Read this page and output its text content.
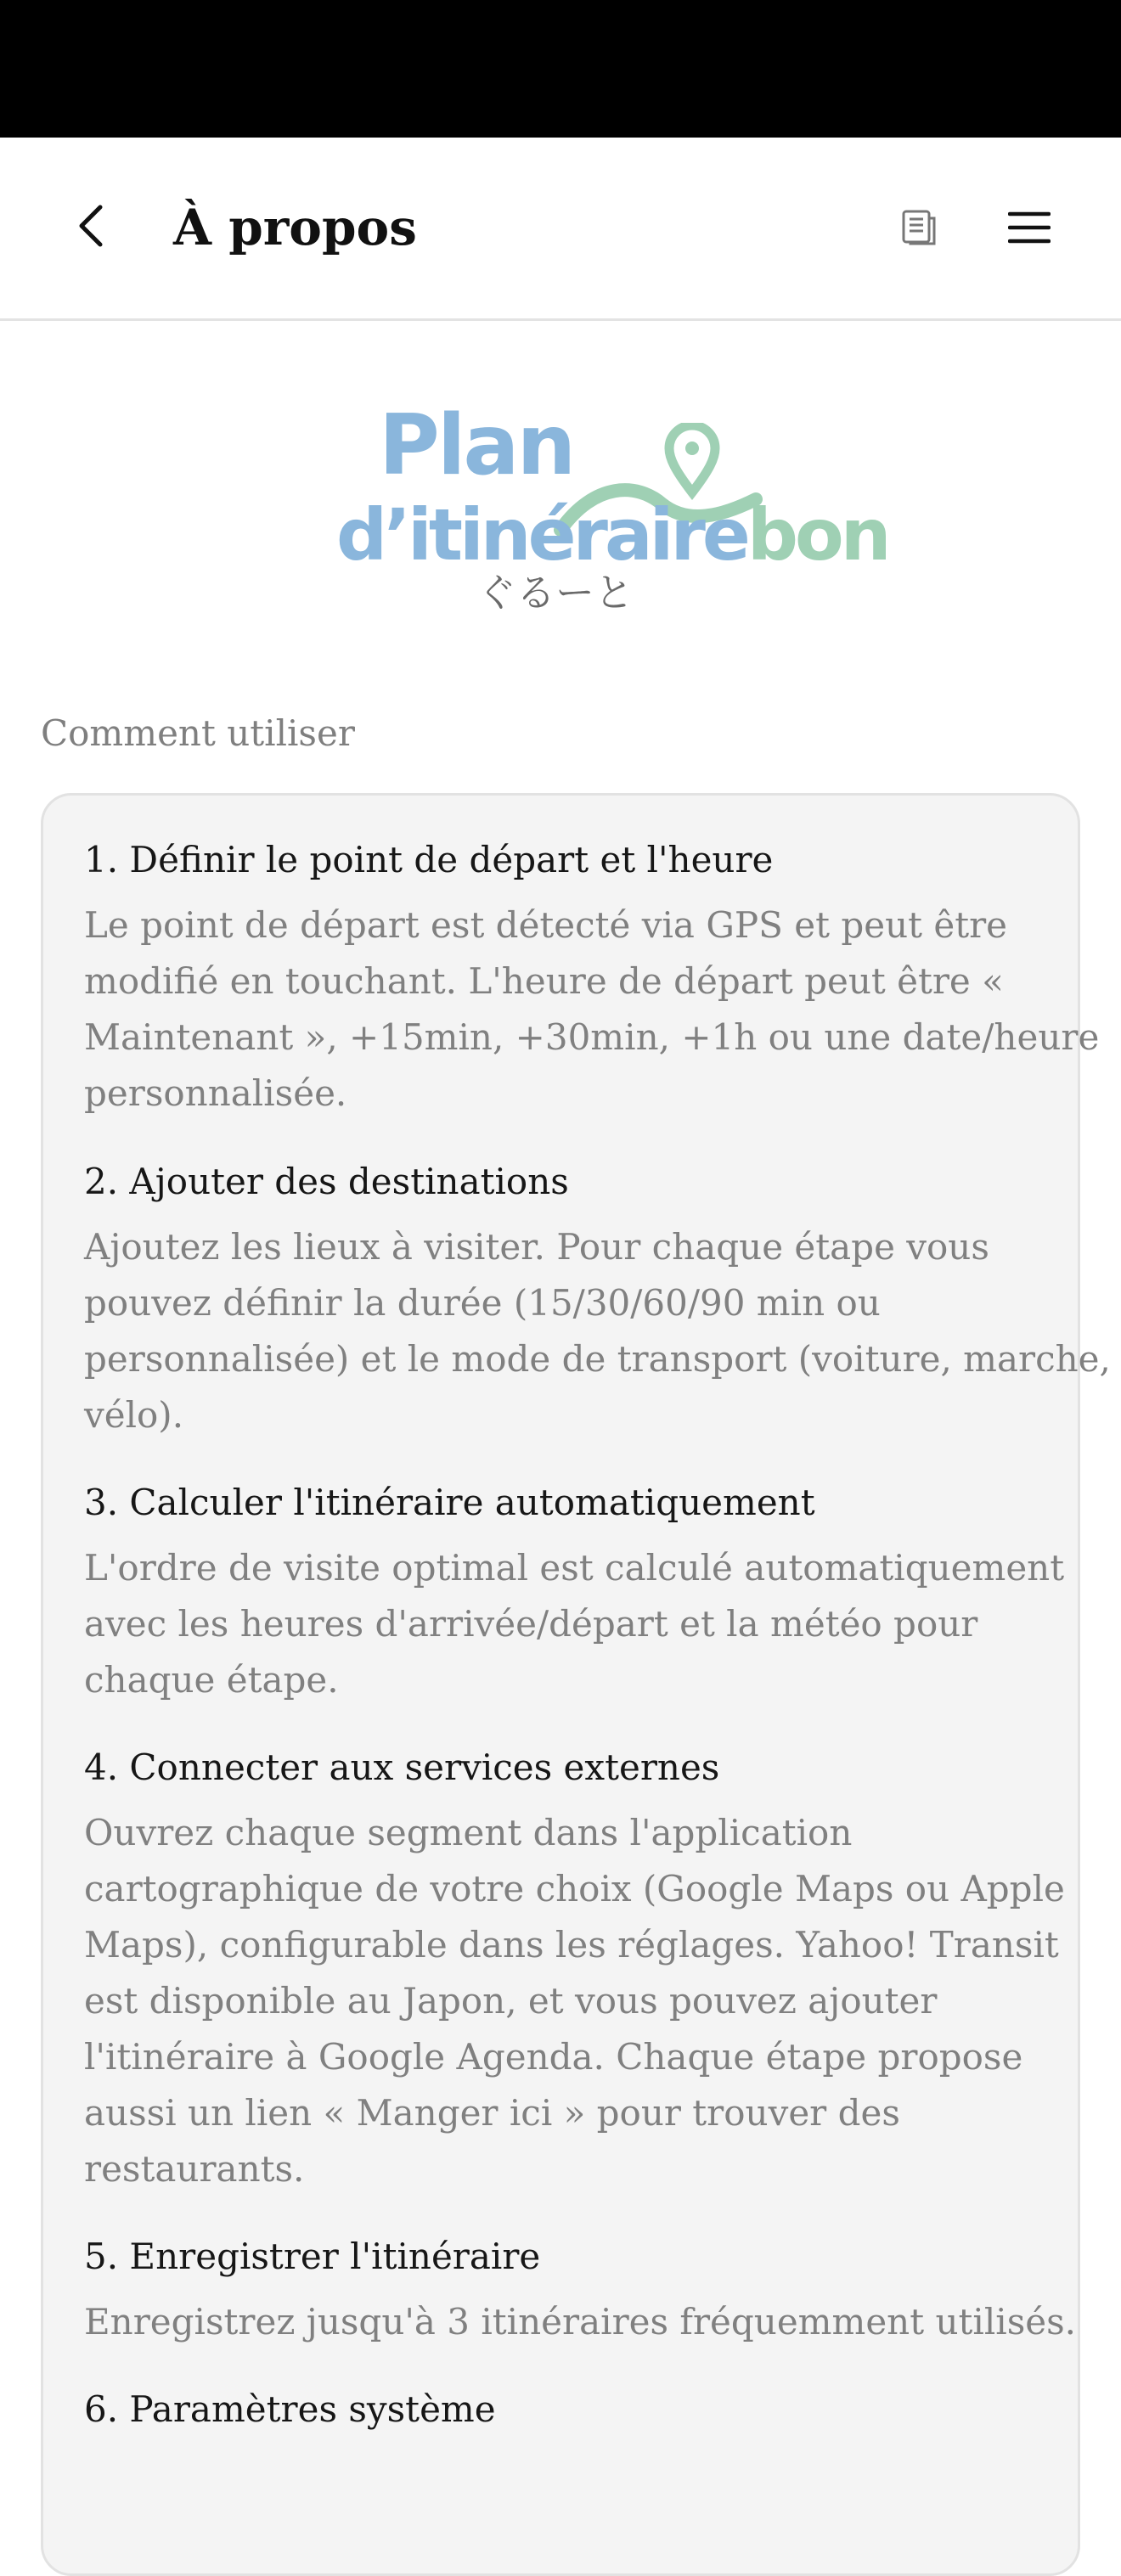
À propos
Plan
d’itinérairebon
ぐるーと
Comment utiliser
1. Définir le point de départ et l'heure
Le point de départ est détecté via GPS et peut être
modifié en touchant. L'heure de départ peut être «
Maintenant », +15min, +30min, +1h ou une date/heure
personnalisée.
2. Ajouter des destinations
Ajoutez les lieux à visiter. Pour chaque étape vous
pouvez définir la durée (15/30/60/90 min ou
personnalisée) et le mode de transport (voiture, marche,
vélo).
3. Calculer l'itinéraire automatiquement
L'ordre de visite optimal est calculé automatiquement
avec les heures d'arrivée/départ et la météo pour
chaque étape.
4. Connecter aux services externes
Ouvrez chaque segment dans l'application
cartographique de votre choix (Google Maps ou Apple
Maps), configurable dans les réglages. Yahoo! Transit
est disponible au Japon, et vous pouvez ajouter
l'itinéraire à Google Agenda. Chaque étape propose
aussi un lien « Manger ici » pour trouver des
restaurants.
5. Enregistrer l'itinéraire
Enregistrez jusqu'à 3 itinéraires fréquemment utilisés.
6. Paramètres système
